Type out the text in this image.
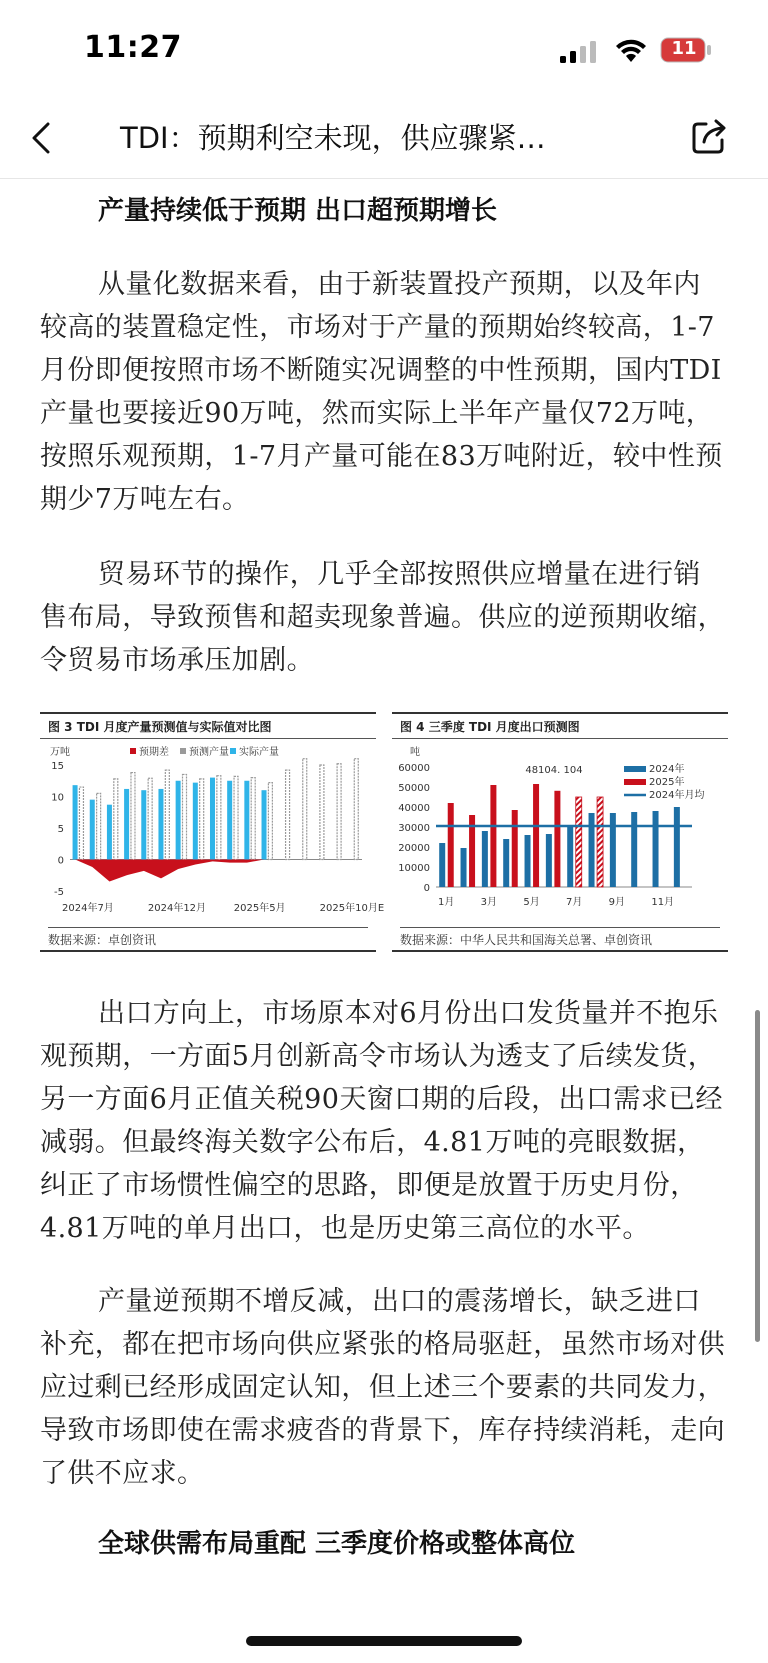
11:27	11
TDI：预期利空未现，供应骤紧…
产量持续低于预期 出口超预期增长

从量化数据来看，由于新装置投产预期，以及年内较高的装置稳定性，市场对于产量的预期始终较高，1-7月份即便按照市场不断随实况调整的中性预期，国内TDI产量也要接近90万吨，然而实际上半年产量仅72万吨，按照乐观预期，1-7月产量可能在83万吨附近，较中性预期少7万吨左右。

贸易环节的操作，几乎全部按照供应增量在进行销售布局，导致预售和超卖现象普遍。供应的逆预期收缩，令贸易市场承压加剧。

图 3 TDI 月度产量预测值与实际值对比图
万吨	预期差 预测产量 实际产量
-5
0
5
10
15
2024年7月	2024年12月	2025年5月	2025年10月E
数据来源：卓创资讯
图 4 三季度 TDI 月度出口预测图
吨
0
10000
20000
30000
40000
50000
60000	48104. 104	2024年
2025年
2024年月均
1月	3月	5月	7月	9月	11月
数据来源：中华人民共和国海关总署、卓创资讯

出口方向上，市场原本对6月份出口发货量并不抱乐观预期，一方面5月创新高令市场认为透支了后续发货，另一方面6月正值关税90天窗口期的后段，出口需求已经减弱。但最终海关数字公布后，4.81万吨的亮眼数据，纠正了市场惯性偏空的思路，即便是放置于历史月份，4.81万吨的单月出口，也是历史第三高位的水平。

产量逆预期不增反减，出口的震荡增长，缺乏进口补充，都在把市场向供应紧张的格局驱赶，虽然市场对供应过剩已经形成固定认知，但上述三个要素的共同发力，导致市场即使在需求疲沓的背景下，库存持续消耗，走向了供不应求。

全球供需布局重配 三季度价格或整体高位
